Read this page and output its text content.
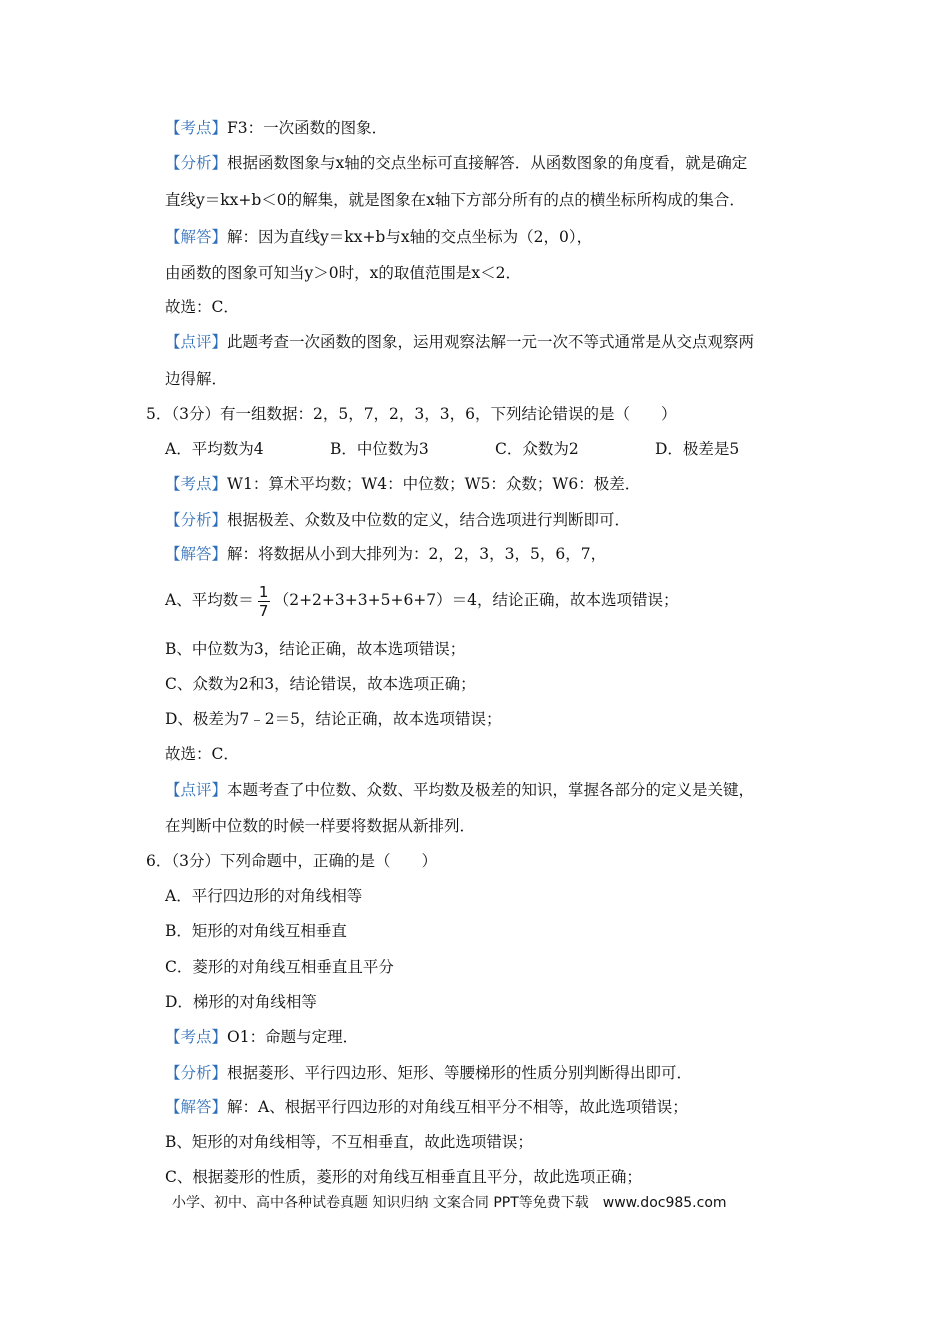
【考点】F3：一次函数的图象．
【分析】根据函数图象与x轴的交点坐标可直接解答．从函数图象的角度看，就是确定
直线y＝kx+b＜0的解集，就是图象在x轴下方部分所有的点的横坐标所构成的集合．
【解答】解：因为直线y＝kx+b与x轴的交点坐标为（2，0），
由函数的图象可知当y＞0时，x的取值范围是x＜2．
故选：C．
【点评】此题考查一次函数的图象，运用观察法解一元一次不等式通常是从交点观察两
边得解．
5．（3分）有一组数据：2，5，7，2，3，3，6，下列结论错误的是（　　）
A．平均数为4	B．中位数为3	C．众数为2	D．极差是5
【考点】W1：算术平均数；W4：中位数；W5：众数；W6：极差．
【分析】根据极差、众数及中位数的定义，结合选项进行判断即可．
【解答】解：将数据从小到大排列为：2，2，3，3，5，6，7，
A、平均数＝ $\frac{1}{7} (2+2+3+3+5+6+7)=4$，结论正确，故本选项错误；
B、中位数为3，结论正确，故本选项错误；
C、众数为2和3，结论错误，故本选项正确；
D、极差为7﹣2＝5，结论正确，故本选项错误；
故选：C．
【点评】本题考查了中位数、众数、平均数及极差的知识，掌握各部分的定义是关键，
在判断中位数的时候一样要将数据从新排列．
6．（3分）下列命题中，正确的是（　　）
A．平行四边形的对角线相等
B．矩形的对角线互相垂直
C．菱形的对角线互相垂直且平分
D．梯形的对角线相等
【考点】O1：命题与定理．
【分析】根据菱形、平行四边形、矩形、等腰梯形的性质分别判断得出即可．
【解答】解：A、根据平行四边形的对角线互相平分不相等，故此选项错误；
B、矩形的对角线相等，不互相垂直，故此选项错误；
C、根据菱形的性质，菱形的对角线互相垂直且平分，故此选项正确；
小学、初中、高中各种试卷真题 知识归纳 文案合同 PPT等免费下载　www.doc985.com
